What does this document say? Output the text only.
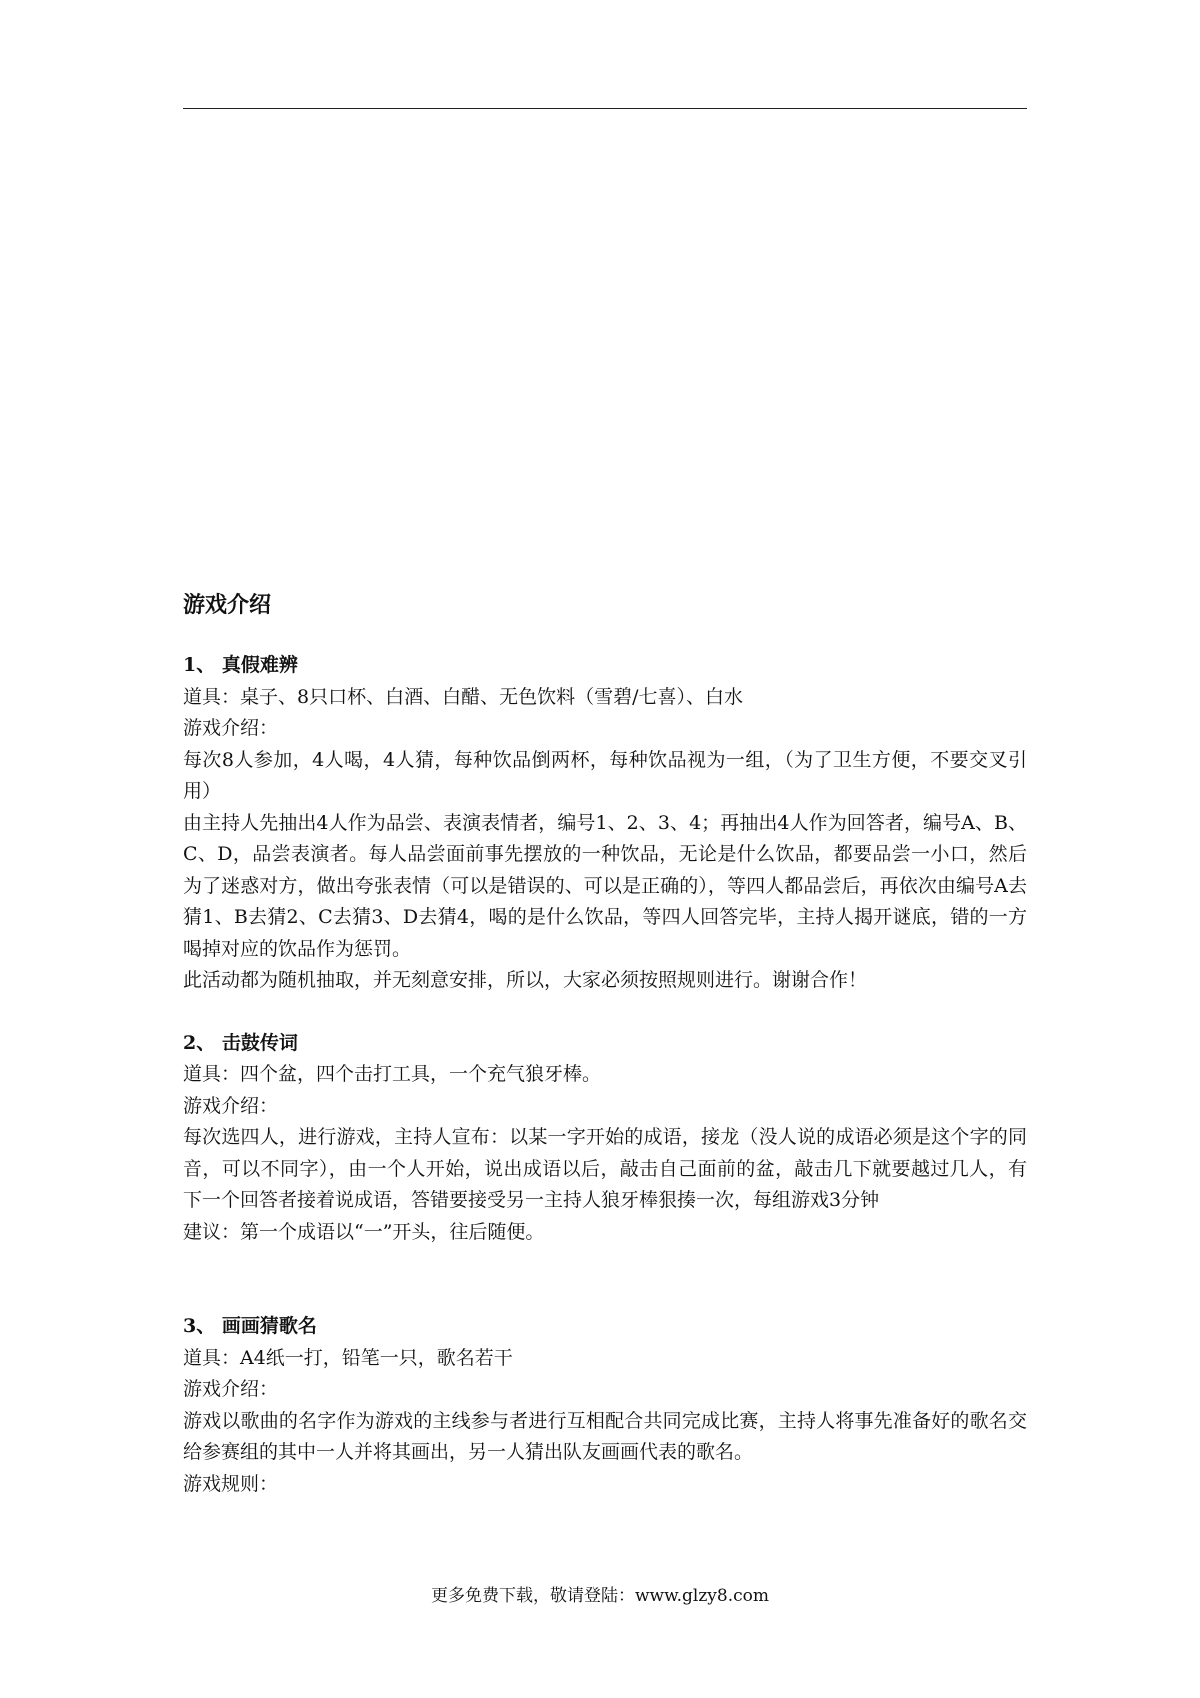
游戏介绍

1、 真假难辨

道具：桌子、8只口杯、白酒、白醋、无色饮料（雪碧/七喜）、白水

游戏介绍：

每次8人参加，4人喝，4人猜，每种饮品倒两杯，每种饮品视为一组，（为了卫生方便，不要交叉引用）

由主持人先抽出4人作为品尝、表演表情者，编号1、2、3、4；再抽出4人作为回答者，编号A、B、C、D，品尝表演者。每人品尝面前事先摆放的一种饮品，无论是什么饮品，都要品尝一小口，然后为了迷惑对方，做出夸张表情（可以是错误的、可以是正确的），等四人都品尝后，再依次由编号A去猜1、B去猜2、C去猜3、D去猜4，喝的是什么饮品，等四人回答完毕，主持人揭开谜底，错的一方喝掉对应的饮品作为惩罚。

此活动都为随机抽取，并无刻意安排，所以，大家必须按照规则进行。谢谢合作！

2、 击鼓传词

道具：四个盆，四个击打工具，一个充气狼牙棒。

游戏介绍：

每次选四人，进行游戏，主持人宣布：以某一字开始的成语，接龙（没人说的成语必须是这个字的同音，可以不同字），由一个人开始，说出成语以后，敲击自己面前的盆，敲击几下就要越过几人，有下一个回答者接着说成语，答错要接受另一主持人狼牙棒狠揍一次，每组游戏3分钟

建议：第一个成语以“一”开头，往后随便。

3、 画画猜歌名

道具：A4纸一打，铅笔一只，歌名若干

游戏介绍：

游戏以歌曲的名字作为游戏的主线参与者进行互相配合共同完成比赛，主持人将事先准备好的歌名交给参赛组的其中一人并将其画出，另一人猜出队友画画代表的歌名。

游戏规则：

更多免费下载，敬请登陆：www.glzy8.com
